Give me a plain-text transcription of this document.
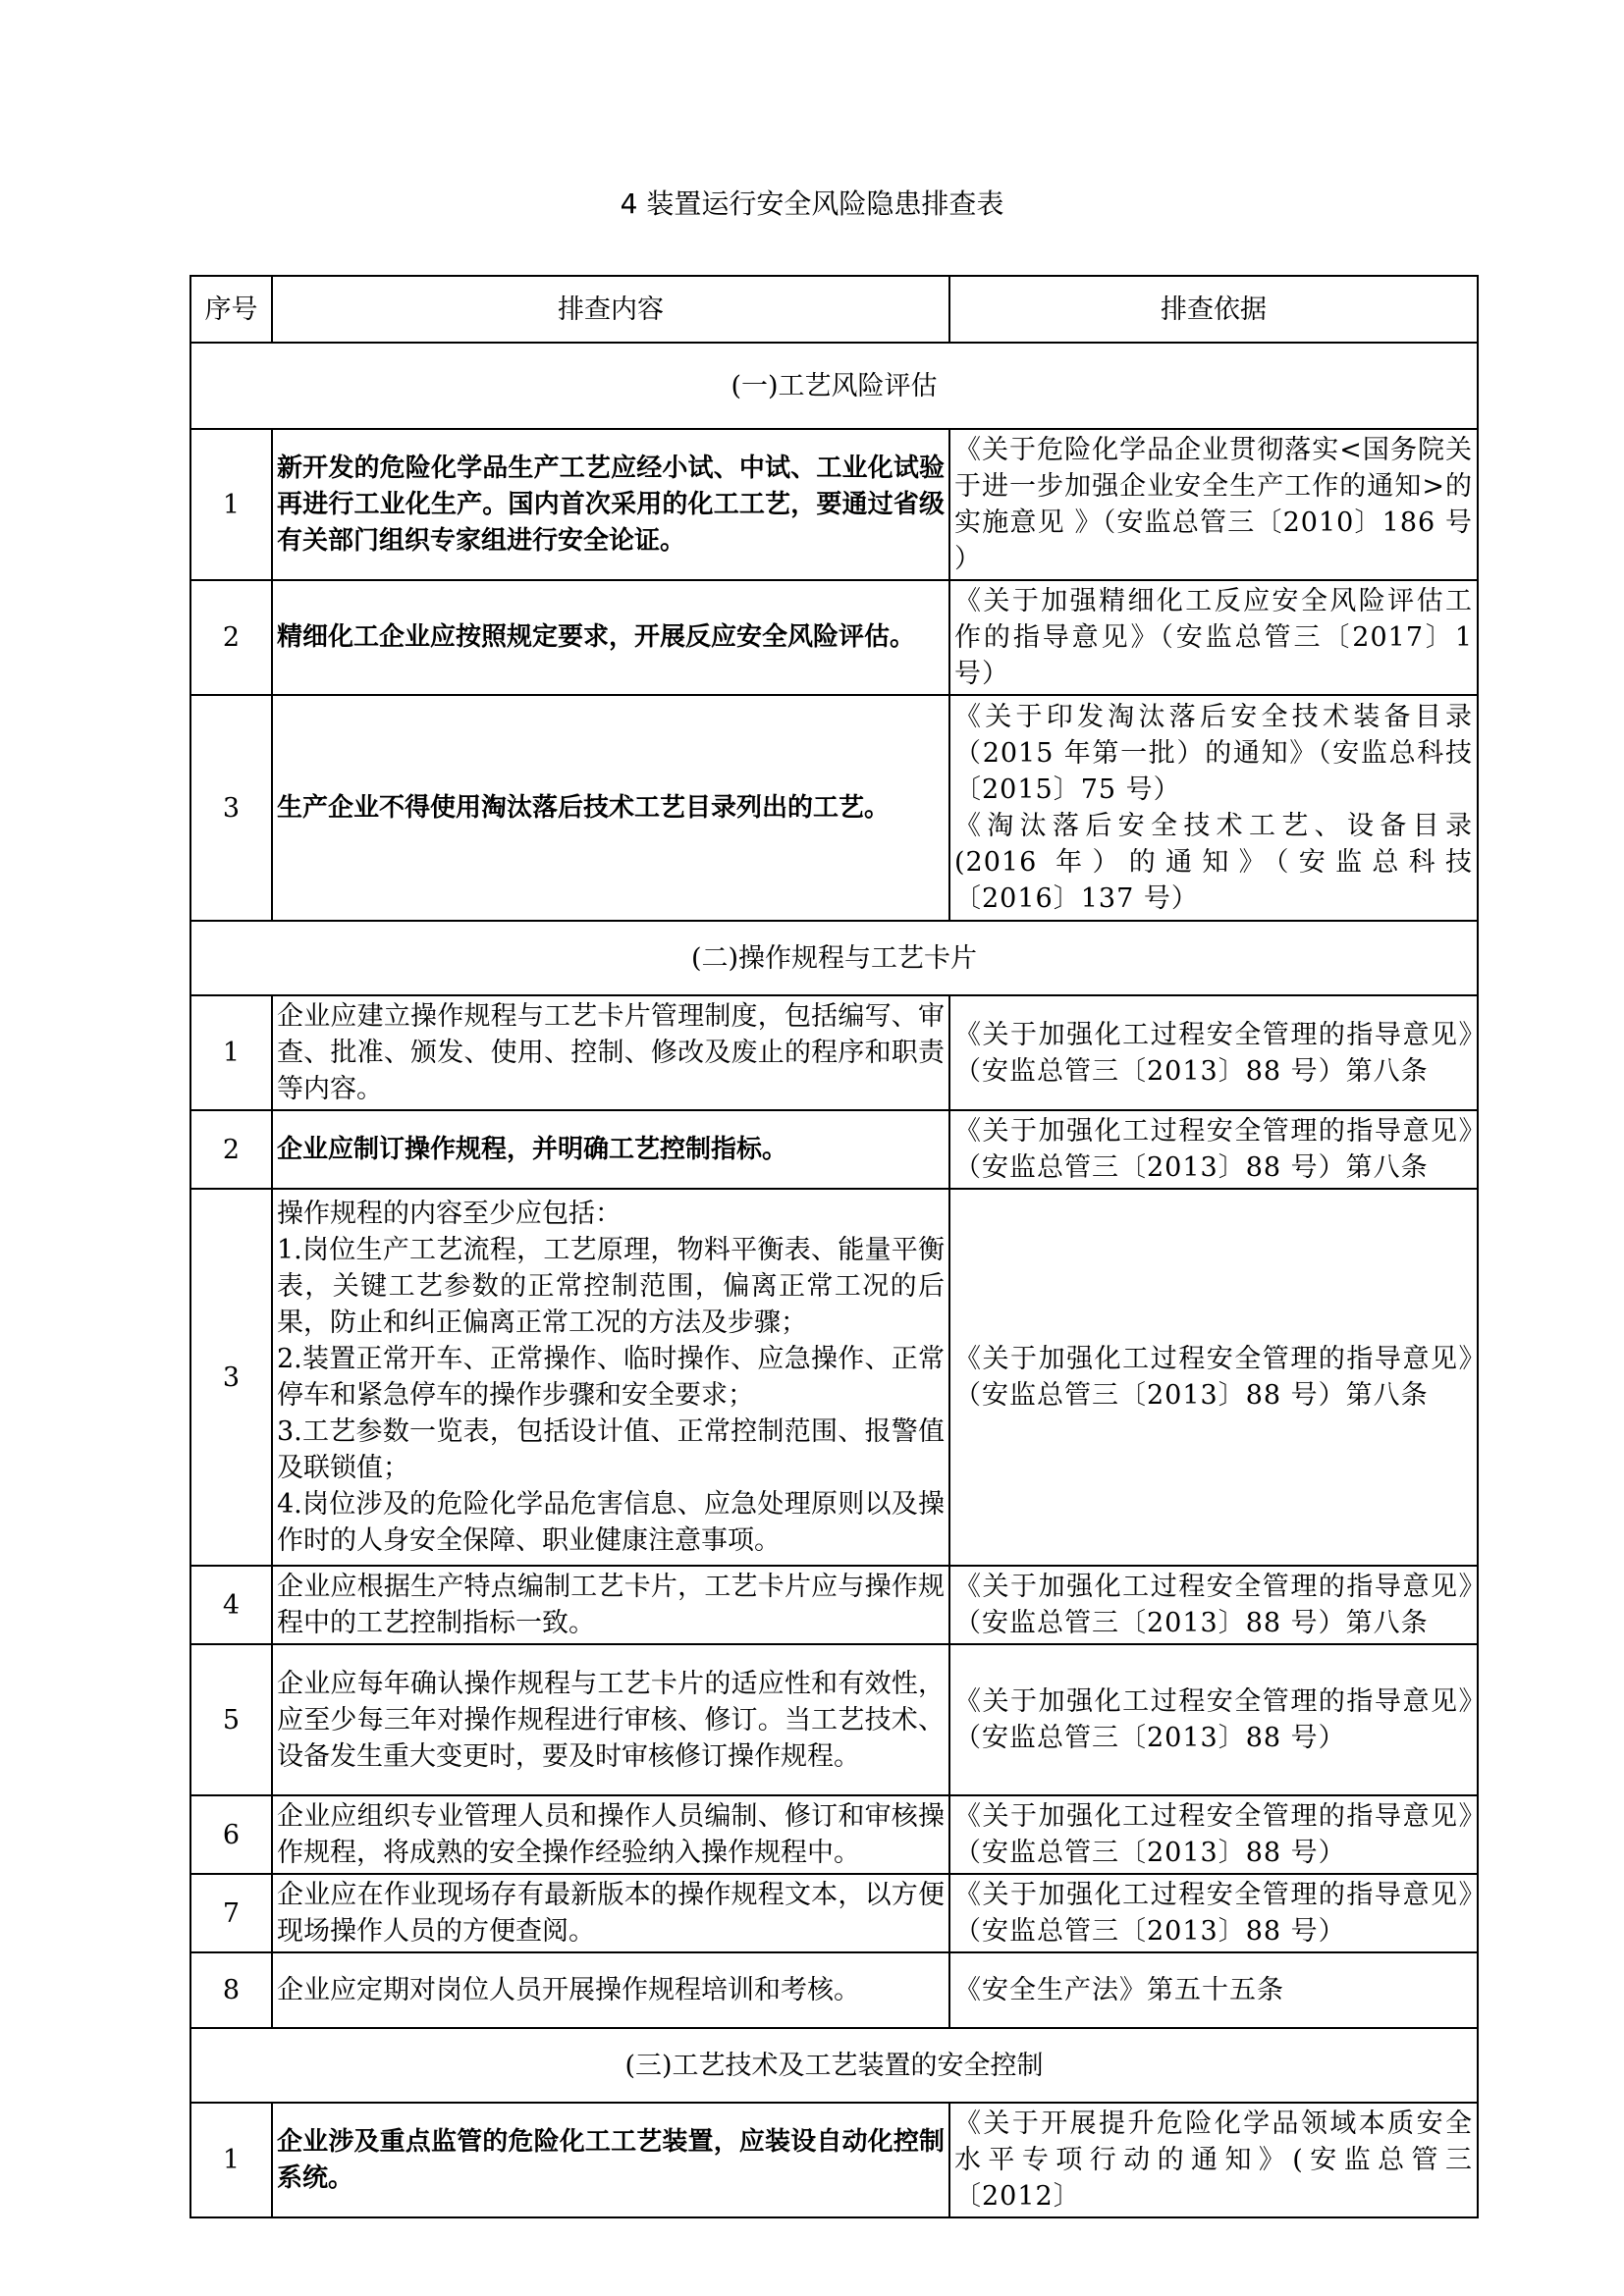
4 装置运行安全风险隐患排查表
序号	排查内容	排查依据
(一)工艺风险评估		
1	新开发的危险化学品生产工艺应经小试、中试、工业化试验再进行工业化生产。国内首次采用的化工工艺，要通过省级有关部门组织专家组进行安全论证。	《关于危险化学品企业贯彻落实<国务院关于进一步加强企业安全生产工作的通知>的实施意见 》（安监总管三〔2010〕186 号 ）

2	精细化工企业应按照规定要求，开展反应安全风险评估。	《关于加强精细化工反应安全风险评估工作的指导意见》（安监总管三〔2017〕1 号）

3	生产企业不得使用淘汰落后技术工艺目录列出的工艺。	《关于印发淘汰落后安全技术装备目录（2015 年第一批）的通知》（安监总科技〔2015〕75 号）
《淘汰落后安全技术工艺、设备目录(2016 年）的通知》（安监总科技〔2016〕137 号）

(二)操作规程与工艺卡片		
1	企业应建立操作规程与工艺卡片管理制度，包括编写、审查、批准、颁发、使用、控制、修改及废止的程序和职责等内容。	《关于加强化工过程安全管理的指导意见》（安监总管三〔2013〕88 号）第八条

2	企业应制订操作规程，并明确工艺控制指标。	《关于加强化工过程安全管理的指导意见》（安监总管三〔2013〕88 号）第八条

3	操作规程的内容至少应包括：
1.岗位生产工艺流程，工艺原理，物料平衡表、能量平衡表，关键工艺参数的正常控制范围，偏离正常工况的后果，防止和纠正偏离正常工况的方法及步骤；
2.装置正常开车、正常操作、临时操作、应急操作、正常停车和紧急停车的操作步骤和安全要求；
3.工艺参数一览表，包括设计值、正常控制范围、报警值及联锁值；
4.岗位涉及的危险化学品危害信息、应急处理原则以及操作时的人身安全保障、职业健康注意事项。	《关于加强化工过程安全管理的指导意见》（安监总管三〔2013〕88 号）第八条

4	企业应根据生产特点编制工艺卡片，工艺卡片应与操作规程中的工艺控制指标一致。	《关于加强化工过程安全管理的指导意见》（安监总管三〔2013〕88 号）第八条

5	企业应每年确认操作规程与工艺卡片的适应性和有效性，应至少每三年对操作规程进行审核、修订。当工艺技术、设备发生重大变更时，要及时审核修订操作规程。	《关于加强化工过程安全管理的指导意见》（安监总管三〔2013〕88 号）

6	企业应组织专业管理人员和操作人员编制、修订和审核操作规程，将成熟的安全操作经验纳入操作规程中。	《关于加强化工过程安全管理的指导意见》（安监总管三〔2013〕88 号）

7	企业应在作业现场存有最新版本的操作规程文本，以方便现场操作人员的方便查阅。	《关于加强化工过程安全管理的指导意见》（安监总管三〔2013〕88 号）

8	企业应定期对岗位人员开展操作规程培训和考核。	《安全生产法》第五十五条

(三)工艺技术及工艺装置的安全控制		
1	企业涉及重点监管的危险化工工艺装置，应装设自动化控制系统。	《关于开展提升危险化学品领域本质安全水平专项行动的通知》(安监总管三〔2012〕
